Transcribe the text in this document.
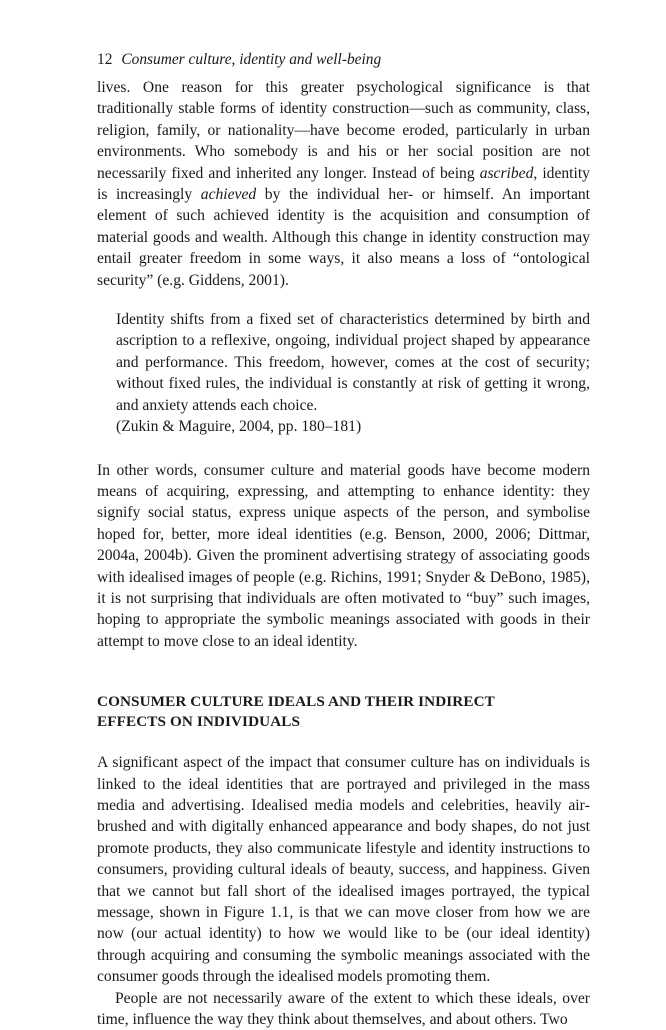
12 Consumer culture, identity and well-being

lives. One reason for this greater psychological significance is that traditionally stable forms of identity construction—such as community, class, religion, family, or nationality—have become eroded, particularly in urban environments. Who somebody is and his or her social position are not necessarily fixed and inherited any longer. Instead of being ascribed, identity is increasingly achieved by the individual her- or himself. An important element of such achieved identity is the acquisition and consumption of material goods and wealth. Although this change in identity construction may entail greater freedom in some ways, it also means a loss of “ontological security” (e.g. Giddens, 2001).

Identity shifts from a fixed set of characteristics determined by birth and ascription to a reflexive, ongoing, individual project shaped by appearance and performance. This freedom, however, comes at the cost of security; without fixed rules, the individual is constantly at risk of getting it wrong, and anxiety attends each choice.

(Zukin & Maguire, 2004, pp. 180–181)

In other words, consumer culture and material goods have become modern means of acquiring, expressing, and attempting to enhance identity: they signify social status, express unique aspects of the person, and symbolise hoped for, better, more ideal identities (e.g. Benson, 2000, 2006; Dittmar, 2004a, 2004b). Given the prominent advertising strategy of associating goods with idealised images of people (e.g. Richins, 1991; Snyder & DeBono, 1985), it is not surprising that individuals are often motivated to “buy” such images, hoping to appropriate the symbolic meanings associated with goods in their attempt to move close to an ideal identity.

CONSUMER CULTURE IDEALS AND THEIR INDIRECT
EFFECTS ON INDIVIDUALS

A significant aspect of the impact that consumer culture has on individuals is linked to the ideal identities that are portrayed and privileged in the mass media and advertising. Idealised media models and celebrities, heavily airbrushed and with digitally enhanced appearance and body shapes, do not just promote products, they also communicate lifestyle and identity instructions to consumers, providing cultural ideals of beauty, success, and happiness. Given that we cannot but fall short of the idealised images portrayed, the typical message, shown in Figure 1.1, is that we can move closer from how we are now (our actual identity) to how we would like to be (our ideal identity) through acquiring and consuming the symbolic meanings associated with the consumer goods through the idealised models promoting them.

People are not necessarily aware of the extent to which these ideals, over time, influence the way they think about themselves, and about others. Two
